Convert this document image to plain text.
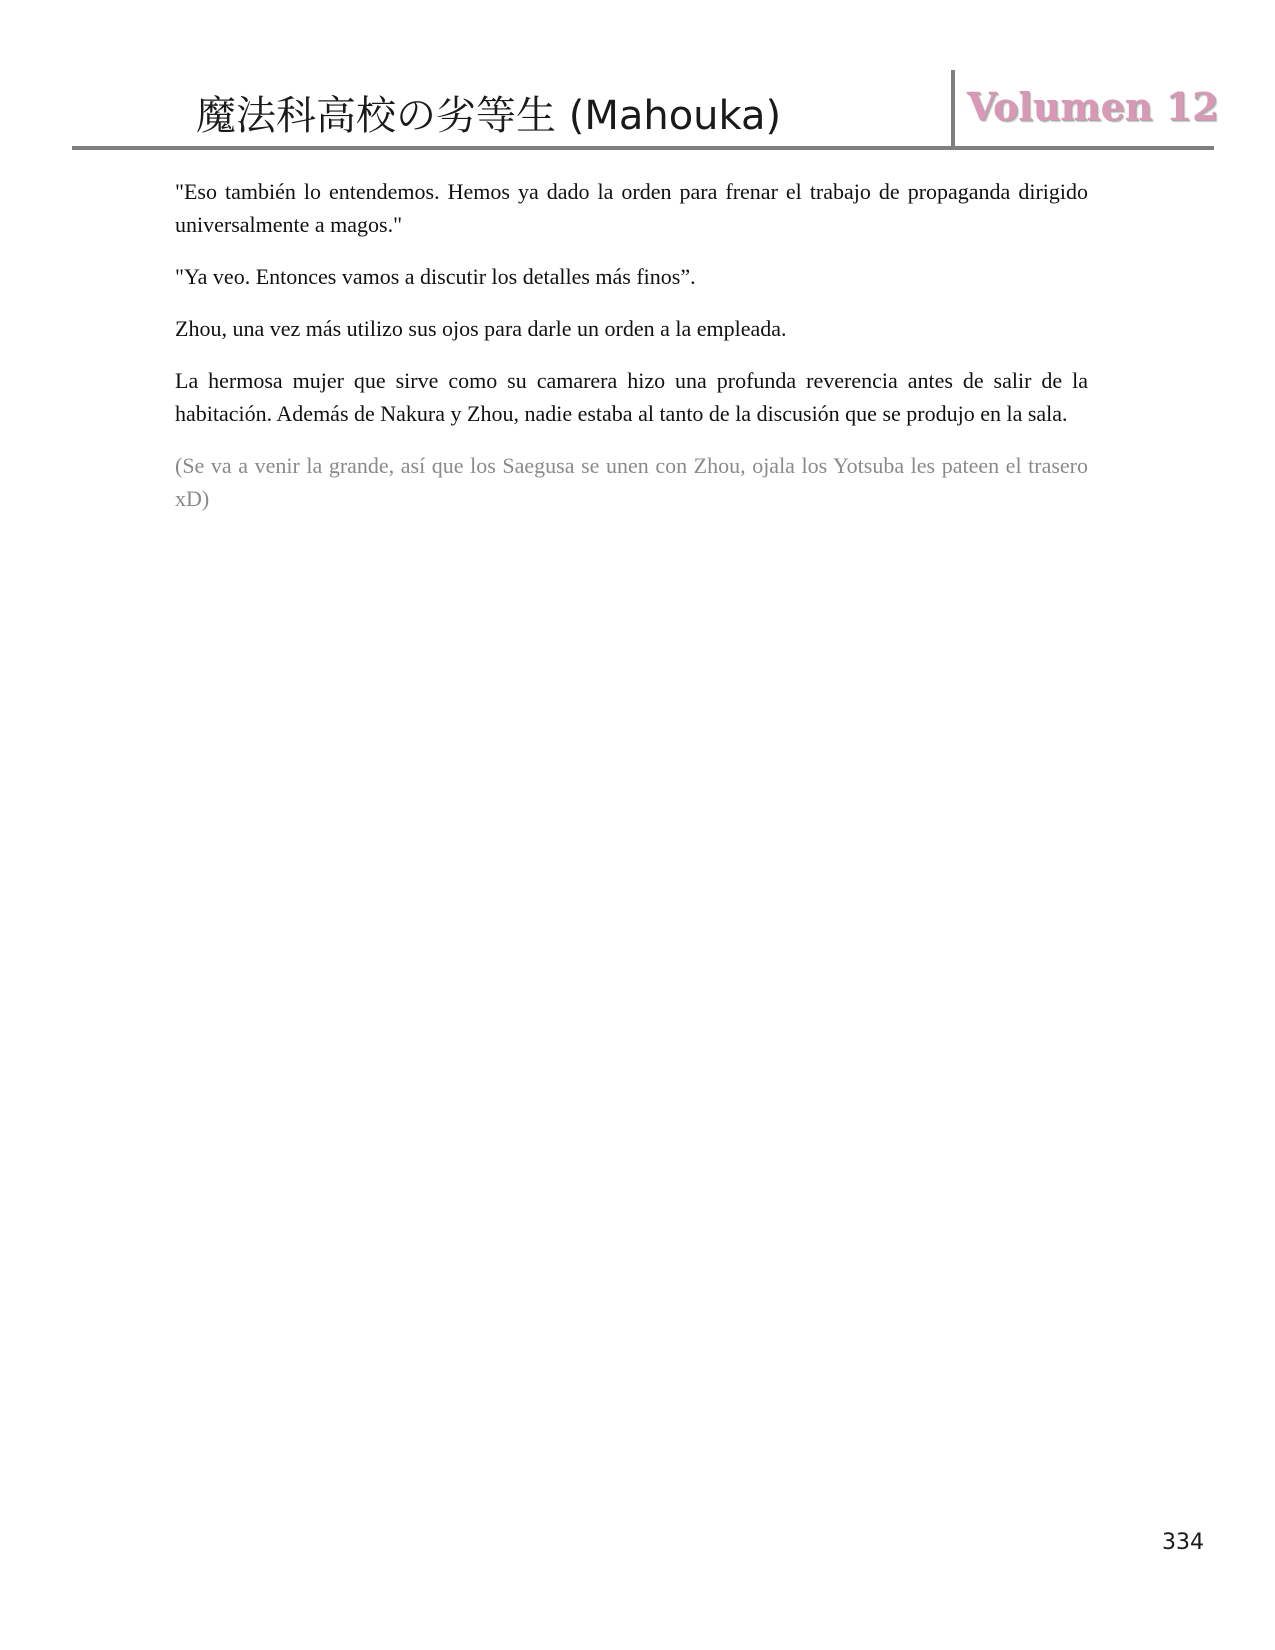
魔法科高校の劣等生 (Mahouka)	Volumen 12

"Eso también lo entendemos. Hemos ya dado la orden para frenar el trabajo de propaganda dirigido universalmente a magos."

"Ya veo. Entonces vamos a discutir los detalles más finos”.

Zhou, una vez más utilizo sus ojos para darle un orden a la empleada.

La hermosa mujer que sirve como su camarera hizo una profunda reverencia antes de salir de la habitación. Además de Nakura y Zhou, nadie estaba al tanto de la discusión que se produjo en la sala.

(Se va a venir la grande, así que los Saegusa se unen con Zhou, ojala los Yotsuba les pateen el trasero xD)

334
